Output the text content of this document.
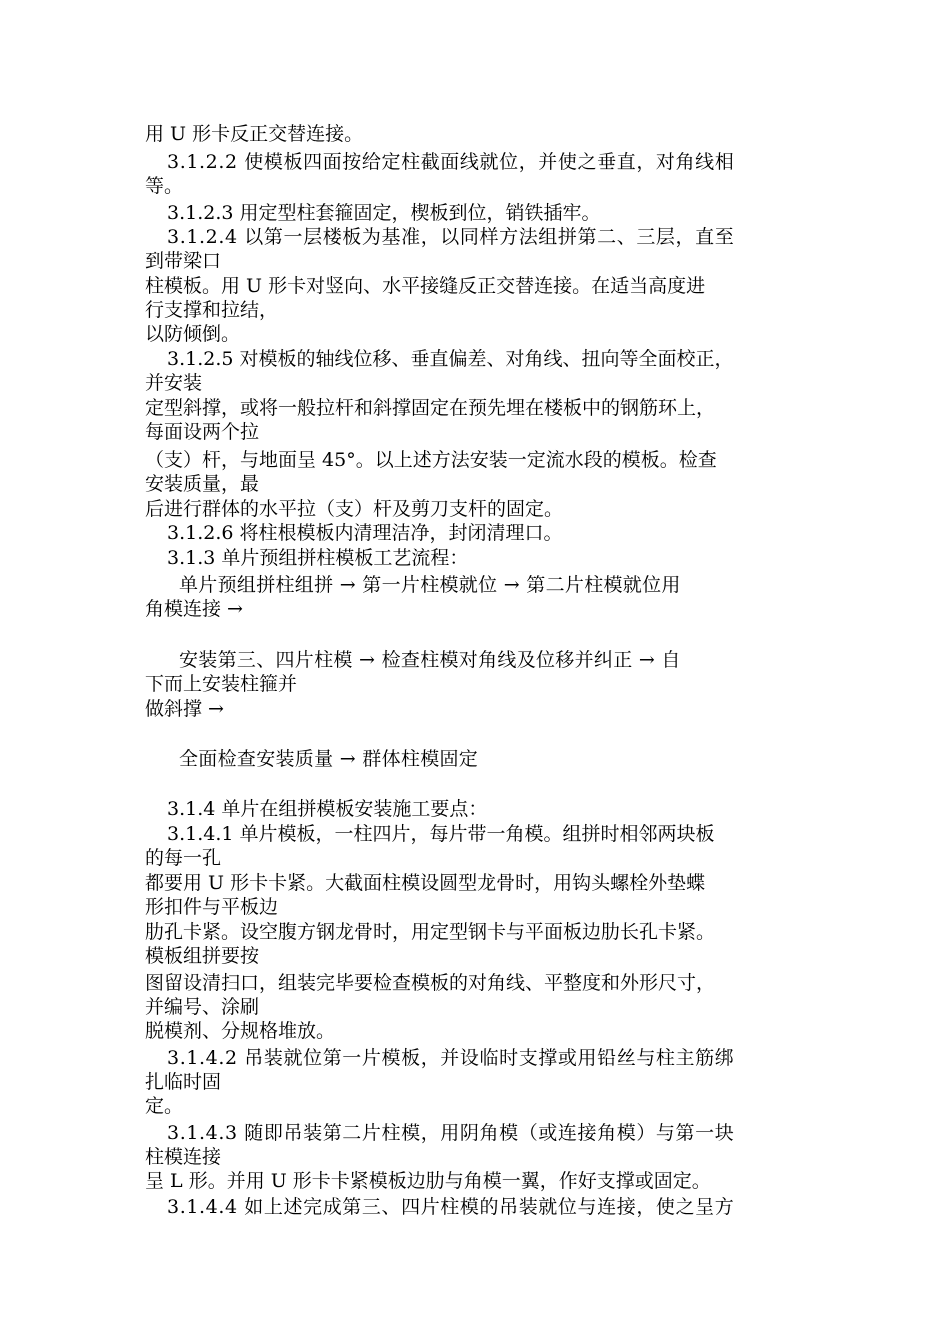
用 U 形卡反正交替连接。
3.1.2.2 使模板四面按给定柱截面线就位，并使之垂直，对角线相
等。
3.1.2.3 用定型柱套箍固定，楔板到位，销铁插牢。
3.1.2.4 以第一层楼板为基准，以同样方法组拼第二、三层，直至
到带梁口
柱模板。用 U 形卡对竖向、水平接缝反正交替连接。在适当高度进
行支撑和拉结，
以防倾倒。
3.1.2.5 对模板的轴线位移、垂直偏差、对角线、扭向等全面校正，
并安装
定型斜撑，或将一般拉杆和斜撑固定在预先埋在楼板中的钢筋环上，
每面设两个拉
（支）杆，与地面呈 45°。以上述方法安装一定流水段的模板。检查
安装质量，最
后进行群体的水平拉（支）杆及剪刀支杆的固定。
3.1.2.6 将柱根模板内清理洁净，封闭清理口。
3.1.3 单片预组拼柱模板工艺流程：
单片预组拼柱组拼 → 第一片柱模就位 → 第二片柱模就位用
角模连接 →
安装第三、四片柱模 → 检查柱模对角线及位移并纠正 → 自
下而上安装柱箍并
做斜撑 →
全面检查安装质量 → 群体柱模固定
3.1.4 单片在组拼模板安装施工要点：
3.1.4.1 单片模板，一柱四片，每片带一角模。组拼时相邻两块板
的每一孔
都要用 U 形卡卡紧。大截面柱模设圆型龙骨时，用钩头螺栓外垫蝶
形扣件与平板边
肋孔卡紧。设空腹方钢龙骨时，用定型钢卡与平面板边肋长孔卡紧。
模板组拼要按
图留设清扫口，组装完毕要检查模板的对角线、平整度和外形尺寸，
并编号、涂刷
脱模剂、分规格堆放。
3.1.4.2 吊装就位第一片模板，并设临时支撑或用铅丝与柱主筋绑
扎临时固
定。
3.1.4.3 随即吊装第二片柱模，用阴角模（或连接角模）与第一块
柱模连接
呈 L 形。并用 U 形卡卡紧模板边肋与角模一翼，作好支撑或固定。
3.1.4.4 如上述完成第三、四片柱模的吊装就位与连接，使之呈方
